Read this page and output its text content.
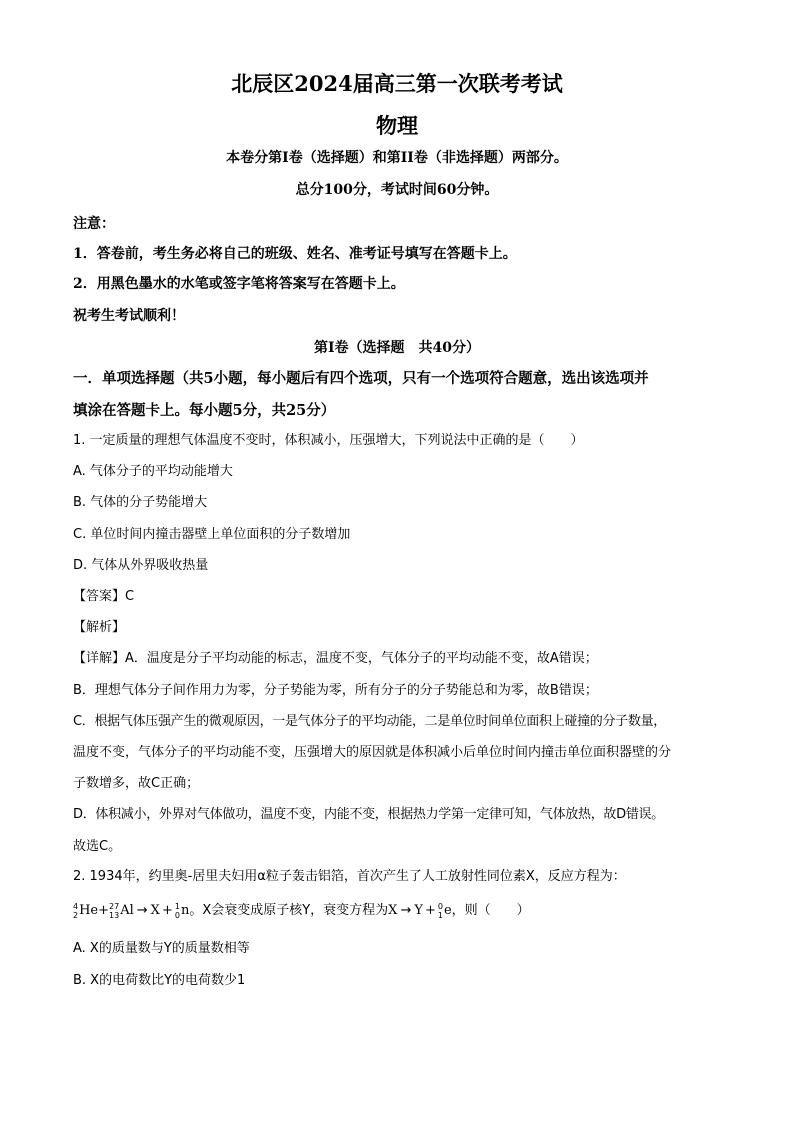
北辰区2024届高三第一次联考考试
物理
本卷分第I卷（选择题）和第II卷（非选择题）两部分。
总分100分，考试时间60分钟。
注意：
1．答卷前，考生务必将自己的班级、姓名、准考证号填写在答题卡上。
2．用黑色墨水的水笔或签字笔将答案写在答题卡上。
祝考生考试顺利！
第I卷（选择题　共40分）
一．单项选择题（共5小题，每小题后有四个选项，只有一个选项符合题意，选出该选项并
填涂在答题卡上。每小题5分，共25分）
1. 一定质量的理想气体温度不变时，体积减小，压强增大，下列说法中正确的是（　　）
A. 气体分子的平均动能增大
B. 气体的分子势能增大
C. 单位时间内撞击器壁上单位面积的分子数增加
D. 气体从外界吸收热量
【答案】C
【解析】
【详解】A．温度是分子平均动能的标志，温度不变，气体分子的平均动能不变，故A错误；
B．理想气体分子间作用力为零，分子势能为零，所有分子的分子势能总和为零，故B错误；
C．根据气体压强产生的微观原因，一是气体分子的平均动能，二是单位时间单位面积上碰撞的分子数量，
温度不变，气体分子的平均动能不变，压强增大的原因就是体积减小后单位时间内撞击单位面积器壁的分
子数增多，故C正确；
D．体积减小，外界对气体做功，温度不变，内能不变，根据热力学第一定律可知，气体放热，故D错误。
故选C。
2. 1934年，约里奥-居里夫妇用α粒子轰击铝箔，首次产生了人工放射性同位素X，反应方程为：
4
2 He+ 27
13 Al → X + 1
0 n。X会衰变成原子核Y，衰变方程为X → Y + 0
1 e，则（　　）
A. X的质量数与Y的质量数相等
B. X的电荷数比Y的电荷数少1
